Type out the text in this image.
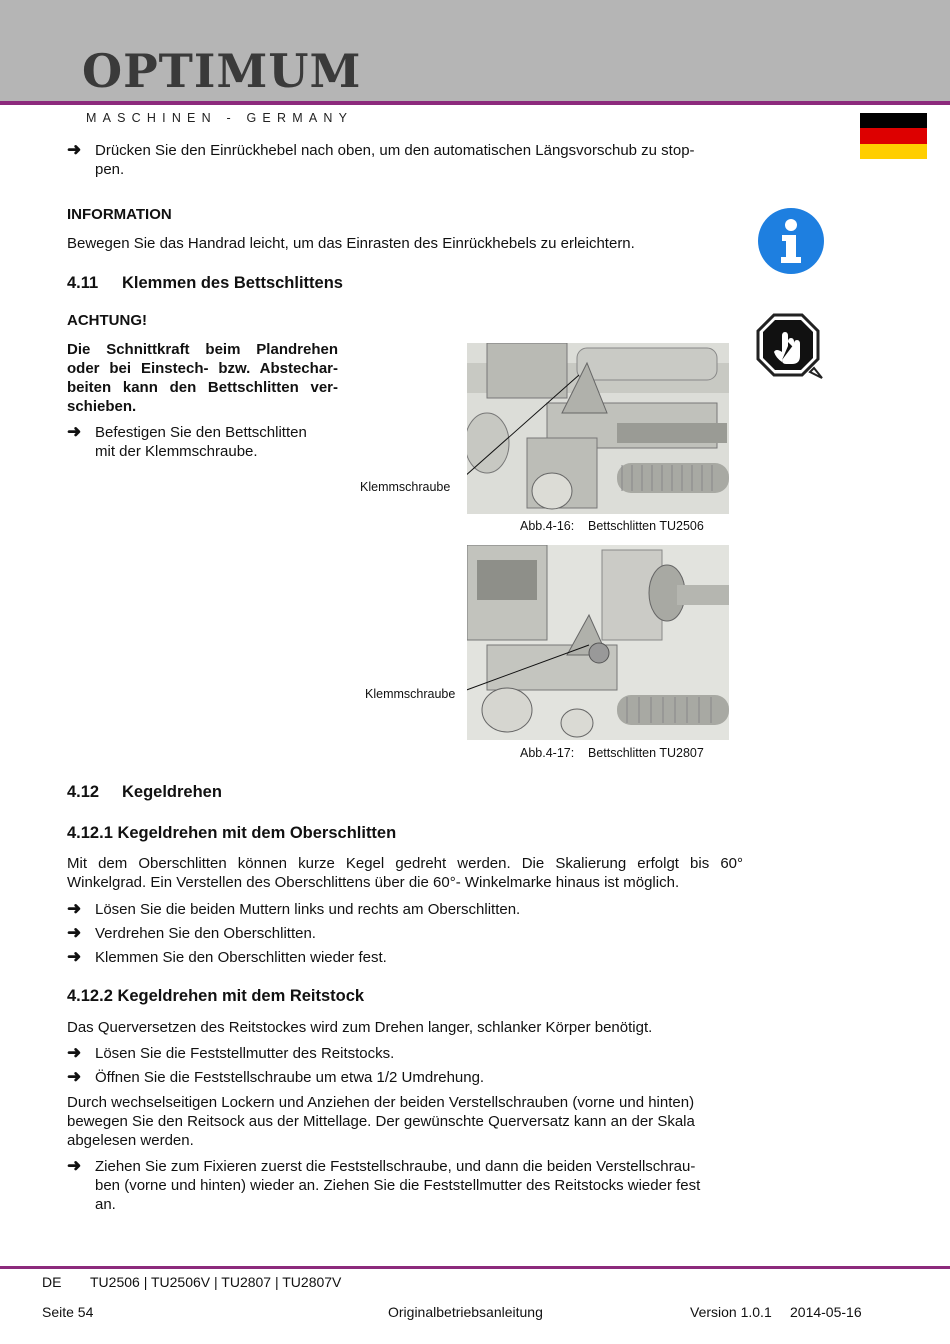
OPTIMUM
MASCHINEN - GERMANY
➜ Drücken Sie den Einrückhebel nach oben, um den automatischen Längsvorschub zu stop-
pen.
INFORMATION
Bewegen Sie das Handrad leicht, um das Einrasten des Einrückhebels zu erleichtern.
4.11 Klemmen des Bettschlittens
ACHTUNG!
Die Schnittkraft beim Plandrehen
oder bei Einstech- bzw. Abstechar-
beiten kann den Bettschlitten ver-
schieben.
➜ Befestigen Sie den Bettschlitten
mit der Klemmschraube.
Klemmschraube
Abb.4-16: Bettschlitten TU2506
Klemmschraube
Abb.4-17: Bettschlitten TU2807
4.12 Kegeldrehen
4.12.1 Kegeldrehen mit dem Oberschlitten
Mit dem Oberschlitten können kurze Kegel gedreht werden. Die Skalierung erfolgt bis 60°
Winkelgrad. Ein Verstellen des Oberschlittens über die 60°- Winkelmarke hinaus ist möglich.
➜ Lösen Sie die beiden Muttern links und rechts am Oberschlitten.
➜ Verdrehen Sie den Oberschlitten.
➜ Klemmen Sie den Oberschlitten wieder fest.
4.12.2 Kegeldrehen mit dem Reitstock
Das Querversetzen des Reitstockes wird zum Drehen langer, schlanker Körper benötigt.
➜ Lösen Sie die Feststellmutter des Reitstocks.
➜ Öffnen Sie die Feststellschraube um etwa 1/2 Umdrehung.
Durch wechselseitigen Lockern und Anziehen der beiden Verstellschrauben (vorne und hinten)
bewegen Sie den Reitsock aus der Mittellage. Der gewünschte Querversatz kann an der Skala
abgelesen werden.
➜ Ziehen Sie zum Fixieren zuerst die Feststellschraube, und dann die beiden Verstellschrau-
ben (vorne und hinten) wieder an. Ziehen Sie die Feststellmutter des Reitstocks wieder fest
an.
DE TU2506 | TU2506V | TU2807 | TU2807V
Seite 54	Originalbetriebsanleitung	Version 1.0.1 2014-05-16
